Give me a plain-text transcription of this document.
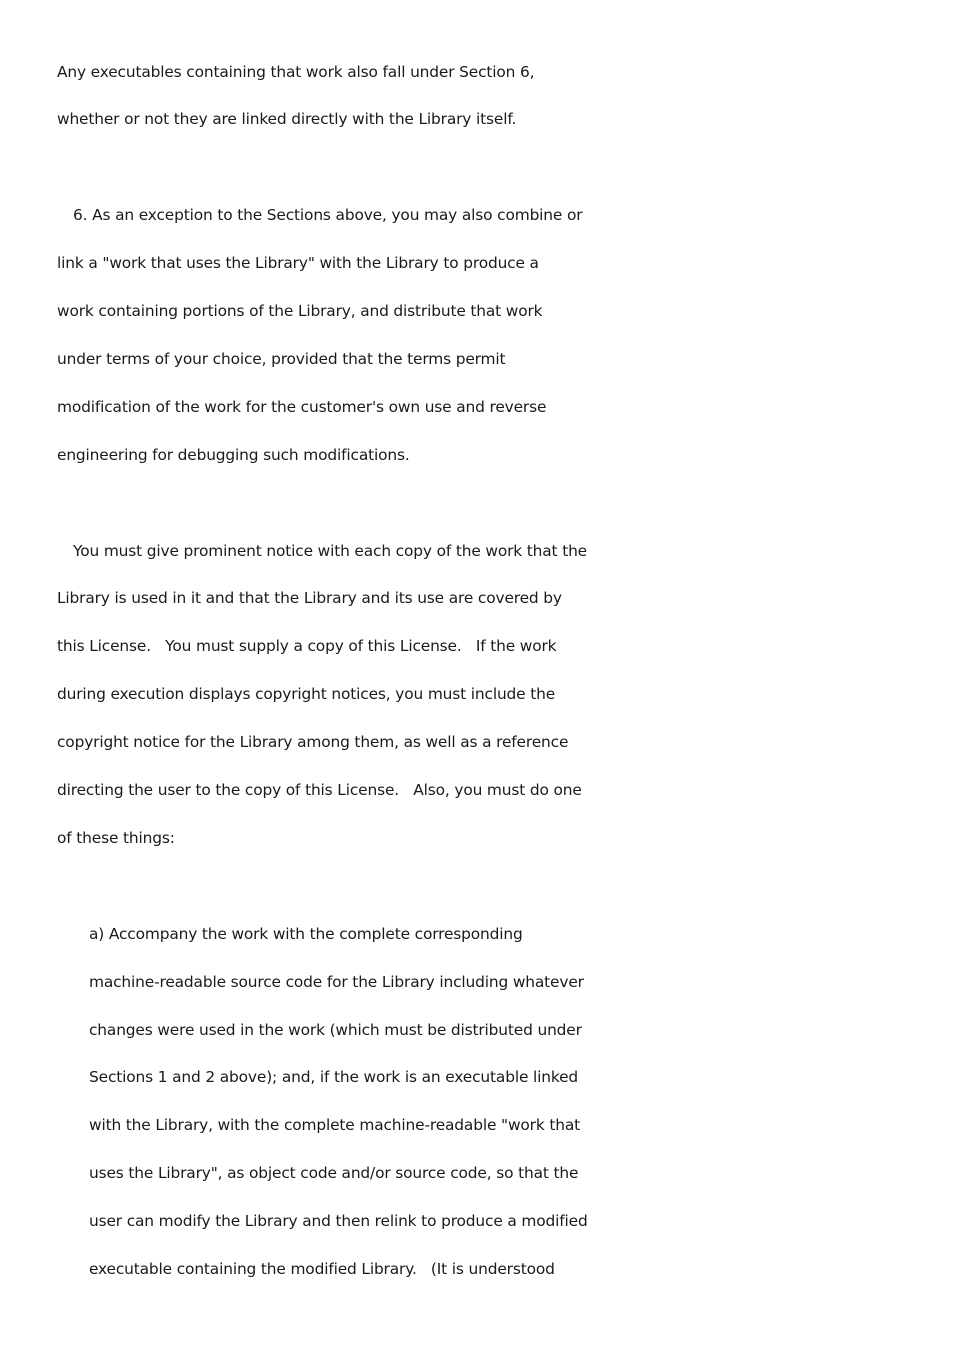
Any executables containing that work also fall under Section 6,
whether or not they are linked directly with the Library itself.
6. As an exception to the Sections above, you may also combine or
link a "work that uses the Library" with the Library to produce a
work containing portions of the Library, and distribute that work
under terms of your choice, provided that the terms permit
modification of the work for the customer's own use and reverse
engineering for debugging such modifications.
You must give prominent notice with each copy of the work that the
Library is used in it and that the Library and its use are covered by
this License.   You must supply a copy of this License.   If the work
during execution displays copyright notices, you must include the
copyright notice for the Library among them, as well as a reference
directing the user to the copy of this License.   Also, you must do one
of these things:
a) Accompany the work with the complete corresponding
machine-readable source code for the Library including whatever
changes were used in the work (which must be distributed under
Sections 1 and 2 above); and, if the work is an executable linked
with the Library, with the complete machine-readable "work that
uses the Library", as object code and/or source code, so that the
user can modify the Library and then relink to produce a modified
executable containing the modified Library.   (It is understood
